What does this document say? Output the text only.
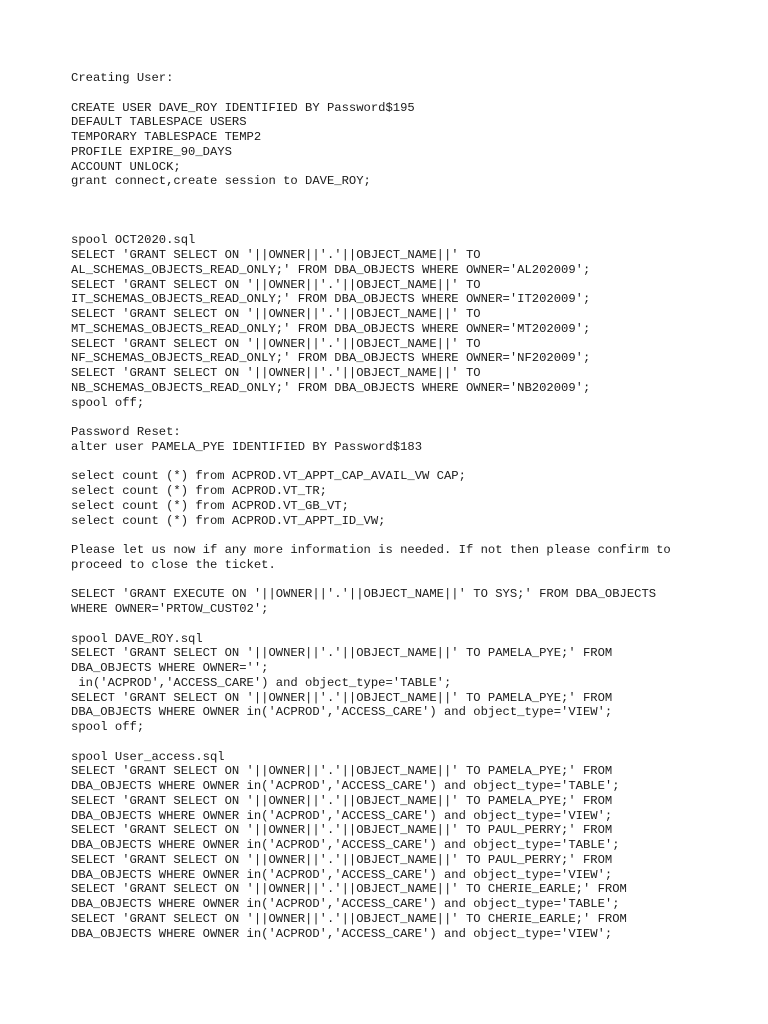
Creating User:
CREATE USER DAVE_ROY IDENTIFIED BY Password$195
DEFAULT TABLESPACE USERS
TEMPORARY TABLESPACE TEMP2
PROFILE EXPIRE_90_DAYS
ACCOUNT UNLOCK;
grant connect,create session to DAVE_ROY;
spool OCT2020.sql
SELECT 'GRANT SELECT ON '||OWNER||'.'||OBJECT_NAME||' TO
AL_SCHEMAS_OBJECTS_READ_ONLY;' FROM DBA_OBJECTS WHERE OWNER='AL202009';
SELECT 'GRANT SELECT ON '||OWNER||'.'||OBJECT_NAME||' TO
IT_SCHEMAS_OBJECTS_READ_ONLY;' FROM DBA_OBJECTS WHERE OWNER='IT202009';
SELECT 'GRANT SELECT ON '||OWNER||'.'||OBJECT_NAME||' TO
MT_SCHEMAS_OBJECTS_READ_ONLY;' FROM DBA_OBJECTS WHERE OWNER='MT202009';
SELECT 'GRANT SELECT ON '||OWNER||'.'||OBJECT_NAME||' TO
NF_SCHEMAS_OBJECTS_READ_ONLY;' FROM DBA_OBJECTS WHERE OWNER='NF202009';
SELECT 'GRANT SELECT ON '||OWNER||'.'||OBJECT_NAME||' TO
NB_SCHEMAS_OBJECTS_READ_ONLY;' FROM DBA_OBJECTS WHERE OWNER='NB202009';
spool off;
Password Reset:
alter user PAMELA_PYE IDENTIFIED BY Password$183
select count (*) from ACPROD.VT_APPT_CAP_AVAIL_VW CAP;
select count (*) from ACPROD.VT_TR;
select count (*) from ACPROD.VT_GB_VT;
select count (*) from ACPROD.VT_APPT_ID_VW;
Please let us now if any more information is needed. If not then please confirm to
proceed to close the ticket.
SELECT 'GRANT EXECUTE ON '||OWNER||'.'||OBJECT_NAME||' TO SYS;' FROM DBA_OBJECTS
WHERE OWNER='PRTOW_CUST02';
spool DAVE_ROY.sql
SELECT 'GRANT SELECT ON '||OWNER||'.'||OBJECT_NAME||' TO PAMELA_PYE;' FROM
DBA_OBJECTS WHERE OWNER='';
in('ACPROD','ACCESS_CARE') and object_type='TABLE';
SELECT 'GRANT SELECT ON '||OWNER||'.'||OBJECT_NAME||' TO PAMELA_PYE;' FROM
DBA_OBJECTS WHERE OWNER in('ACPROD','ACCESS_CARE') and object_type='VIEW';
spool off;
spool User_access.sql
SELECT 'GRANT SELECT ON '||OWNER||'.'||OBJECT_NAME||' TO PAMELA_PYE;' FROM
DBA_OBJECTS WHERE OWNER in('ACPROD','ACCESS_CARE') and object_type='TABLE';
SELECT 'GRANT SELECT ON '||OWNER||'.'||OBJECT_NAME||' TO PAMELA_PYE;' FROM
DBA_OBJECTS WHERE OWNER in('ACPROD','ACCESS_CARE') and object_type='VIEW';
SELECT 'GRANT SELECT ON '||OWNER||'.'||OBJECT_NAME||' TO PAUL_PERRY;' FROM
DBA_OBJECTS WHERE OWNER in('ACPROD','ACCESS_CARE') and object_type='TABLE';
SELECT 'GRANT SELECT ON '||OWNER||'.'||OBJECT_NAME||' TO PAUL_PERRY;' FROM
DBA_OBJECTS WHERE OWNER in('ACPROD','ACCESS_CARE') and object_type='VIEW';
SELECT 'GRANT SELECT ON '||OWNER||'.'||OBJECT_NAME||' TO CHERIE_EARLE;' FROM
DBA_OBJECTS WHERE OWNER in('ACPROD','ACCESS_CARE') and object_type='TABLE';
SELECT 'GRANT SELECT ON '||OWNER||'.'||OBJECT_NAME||' TO CHERIE_EARLE;' FROM
DBA_OBJECTS WHERE OWNER in('ACPROD','ACCESS_CARE') and object_type='VIEW';
